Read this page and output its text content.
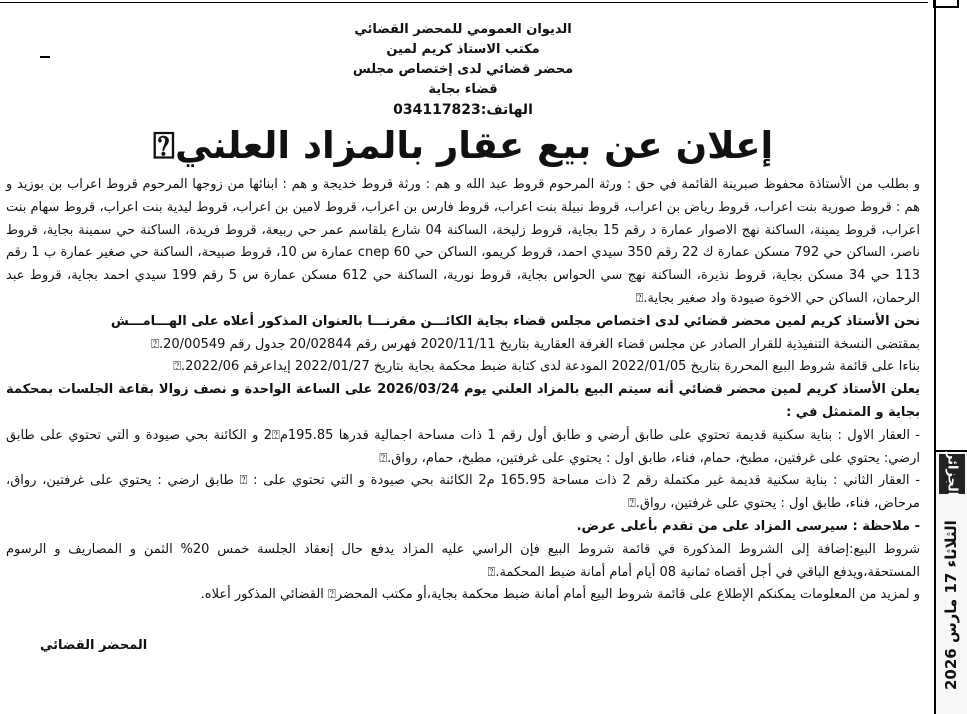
الديوان العمومي للمحضر القضائي
مكتب الاستاذ كريم لمين
محضر قضائي لدى إختصاص مجلس قضاء بجاية
الهاتف:034117823
إعلان عن بيع عقار بالمزاد العلني⍰
و بطلب من الأستاذة محفوظ صبرينة القائمة في حق : ورثة المرحوم قروط عبد الله و هم : ورثة قروط خديجة و هم : ابنائها من زوجها المرحوم قروط اعراب بن بوزيد و هم : قروط صورية بنت اعراب، قروط رياض بن اعراب، قروط نبيلة بنت اعراب، قروط فارس بن اعراب، قروط لامين بن اعراب، قروط ليدية بنت اعراب، قروط سهام بنت اعراب، قروط يمينة، الساكنة نهج الاصوار عمارة د رقم 15 بجاية، قروط زليخة، الساكنة 04 شارع بلقاسم عمر حي ربيعة، قروط فريدة، الساكنة حي سمينة بجاية، قروط ناصر، الساكن حي 792 مسكن عمارة ك 22 رقم 350 سيدي احمد، قروط كريمو، الساكن حي cnep 60 عمارة س 10، قروط صبيحة، الساكنة حي صغير عمارة ب 1 رقم 113 حي 34 مسكن بجاية، قروط نذيرة، الساكنة نهج سي الحواس بجاية، قروط نورية، الساكنة حي 612 مسكن عمارة س 5 رقم 199 سيدي احمد بجاية، قروط عبد الرحمان، الساكن حي الاخوة صيودة واد صغير بجاية.⍰
نحن الأستاذ كريم لمين محضر قضائي لدى اختصاص مجلس قضاء بجاية الكائـــن مقرنـــا بالعنوان المذكور أعلاه على الهـــامـــش
بمقتضى النسخة التنفيذية للقرار الصادر عن مجلس قضاء الغرفة العقارية بتاريخ 2020/11/11 فهرس رقم 20/02844 جدول رقم 20/00549.⍰
بناءا على قائمة شروط البيع المحررة بتاريخ 2022/01/05 المودعة لدى كتابة ضبط محكمة بجاية بتاريخ 2022/01/27 إيداعرقم 2022/06.⍰
يعلن الأستاذ كريم لمين محضر قضائي أنه سيتم البيع بالمزاد العلني يوم 2026/03/24 على الساعة الواحدة و نصف زوالا بقاعة الجلسات بمحكمة بجاية و المتمثل في :
- العقار الاول : بناية سكنية قديمة تحتوي على طابق أرضي و طابق أول رقم 1 ذات مساحة اجمالية قدرها 195.85م2⍰ و الكائنة بحي صيودة و التي تحتوي على طابق ارضي: يحتوي على غرفتين، مطبخ، حمام، فناء، طابق اول : يحتوي على غرفتين، مطبخ، حمام، رواق.⍰
- العقار الثاني : بناية سكنية قديمة غير مكتملة رقم 2 ذات مساحة 165.95 م2 الكائنة بحي صيودة و التي تحتوي على : ⍰ طابق ارضي : يحتوي على غرفتين، رواق، مرحاض، فناء، طابق اول : يحتوي على غرفتين، رواق.⍰
- ملاحظة : سيرسى المزاد على من تقدم بأعلى عرض.
شروط البيع:إضافة إلى الشروط المذكورة في قائمة شروط البيع فإن الراسي عليه المزاد يدفع حال إنعقاد الجلسة خمس 20% الثمن و المصاريف و الرسوم المستحقة،ويدفع الباقي في أجل أقصاه ثمانية 08 أيام أمام أمانة ضبط المحكمة.⍰
و لمزيد من المعلومات يمكنكم الإطلاع على قائمة شروط البيع أمام أمانة ضبط محكمة بجاية،أو مكتب المحضر⍰ القضائي المذكور أعلاه.
المحضر القضائي
الجزائر
الثلاثاء 17 مارس 2026
